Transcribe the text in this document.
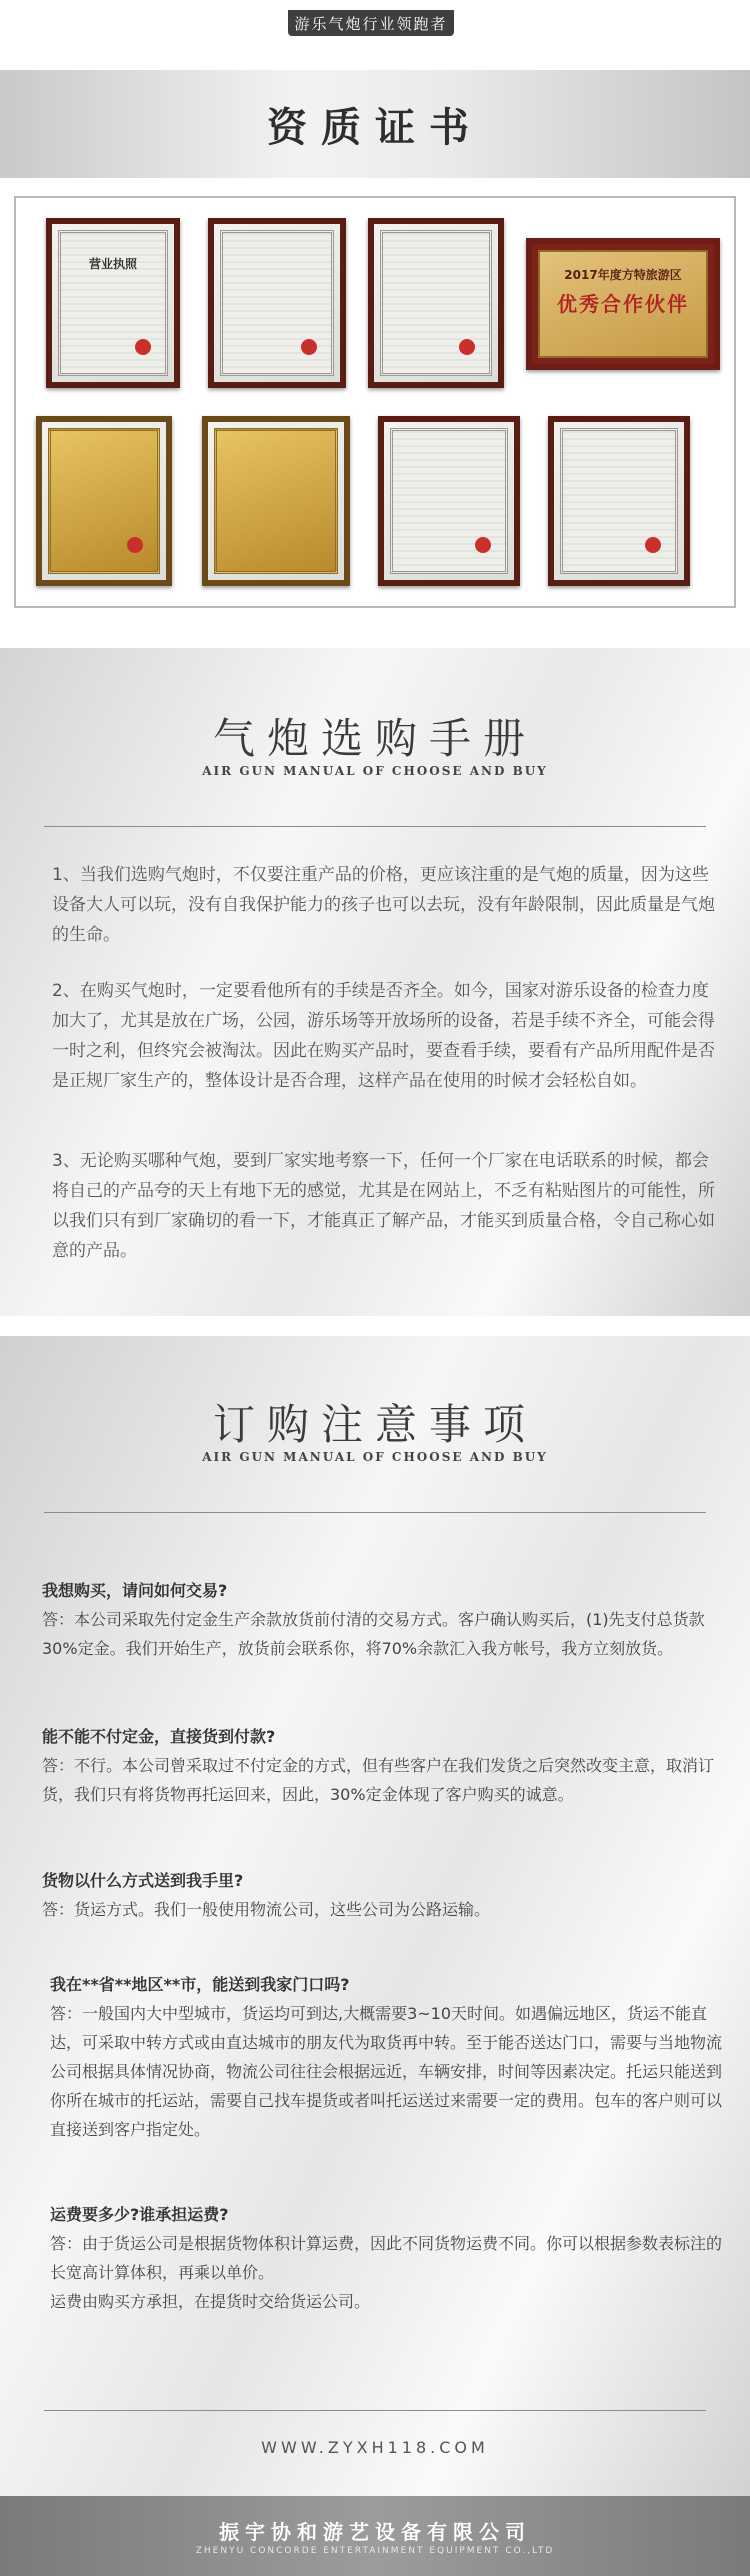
游乐气炮行业领跑者
资质证书
营业执照
2017年度方特旅游区
优秀合作伙伴
气炮选购手册
AIR GUN MANUAL OF CHOOSE AND BUY
1、当我们选购气炮时，不仅要注重产品的价格，更应该注重的是气炮的质量，因为这些设备大人可以玩，没有自我保护能力的孩子也可以去玩，没有年龄限制，因此质量是气炮的生命。
2、在购买气炮时，一定要看他所有的手续是否齐全。如今，国家对游乐设备的检查力度加大了，尤其是放在广场，公园，游乐场等开放场所的设备，若是手续不齐全，可能会得一时之利，但终究会被淘汰。因此在购买产品时，要查看手续，要看有产品所用配件是否是正规厂家生产的，整体设计是否合理，这样产品在使用的时候才会轻松自如。
3、无论购买哪种气炮，要到厂家实地考察一下，任何一个厂家在电话联系的时候，都会将自己的产品夸的天上有地下无的感觉，尤其是在网站上，不乏有粘贴图片的可能性，所以我们只有到厂家确切的看一下，才能真正了解产品，才能买到质量合格，令自己称心如意的产品。
订购注意事项
AIR GUN MANUAL OF CHOOSE AND BUY
我想购买，请问如何交易?
答：本公司采取先付定金生产余款放货前付清的交易方式。客户确认购买后，(1)先支付总货款30%定金。我们开始生产，放货前会联系你，将70%余款汇入我方帐号，我方立刻放货。
能不能不付定金，直接货到付款?
答：不行。本公司曾采取过不付定金的方式，但有些客户在我们发货之后突然改变主意，取消订货，我们只有将货物再托运回来，因此，30%定金体现了客户购买的诚意。
货物以什么方式送到我手里?
答：货运方式。我们一般使用物流公司，这些公司为公路运输。
我在**省**地区**市，能送到我家门口吗?
答：一般国内大中型城市，货运均可到达,大概需要3~10天时间。如遇偏远地区，货运不能直达，可采取中转方式或由直达城市的朋友代为取货再中转。至于能否送达门口，需要与当地物流公司根据具体情况协商，物流公司往往会根据远近，车辆安排，时间等因素决定。托运只能送到你所在城市的托运站，需要自己找车提货或者叫托运送过来需要一定的费用。包车的客户则可以直接送到客户指定处。
运费要多少?谁承担运费?
答：由于货运公司是根据货物体积计算运费，因此不同货物运费不同。你可以根据参数表标注的长宽高计算体积，再乘以单价。
运费由购买方承担，在提货时交给货运公司。
WWW.ZYXH118.COM
振宇协和游艺设备有限公司
ZHENYU CONCORDE ENTERTAINMENT EQUIPMENT CO.,LTD
